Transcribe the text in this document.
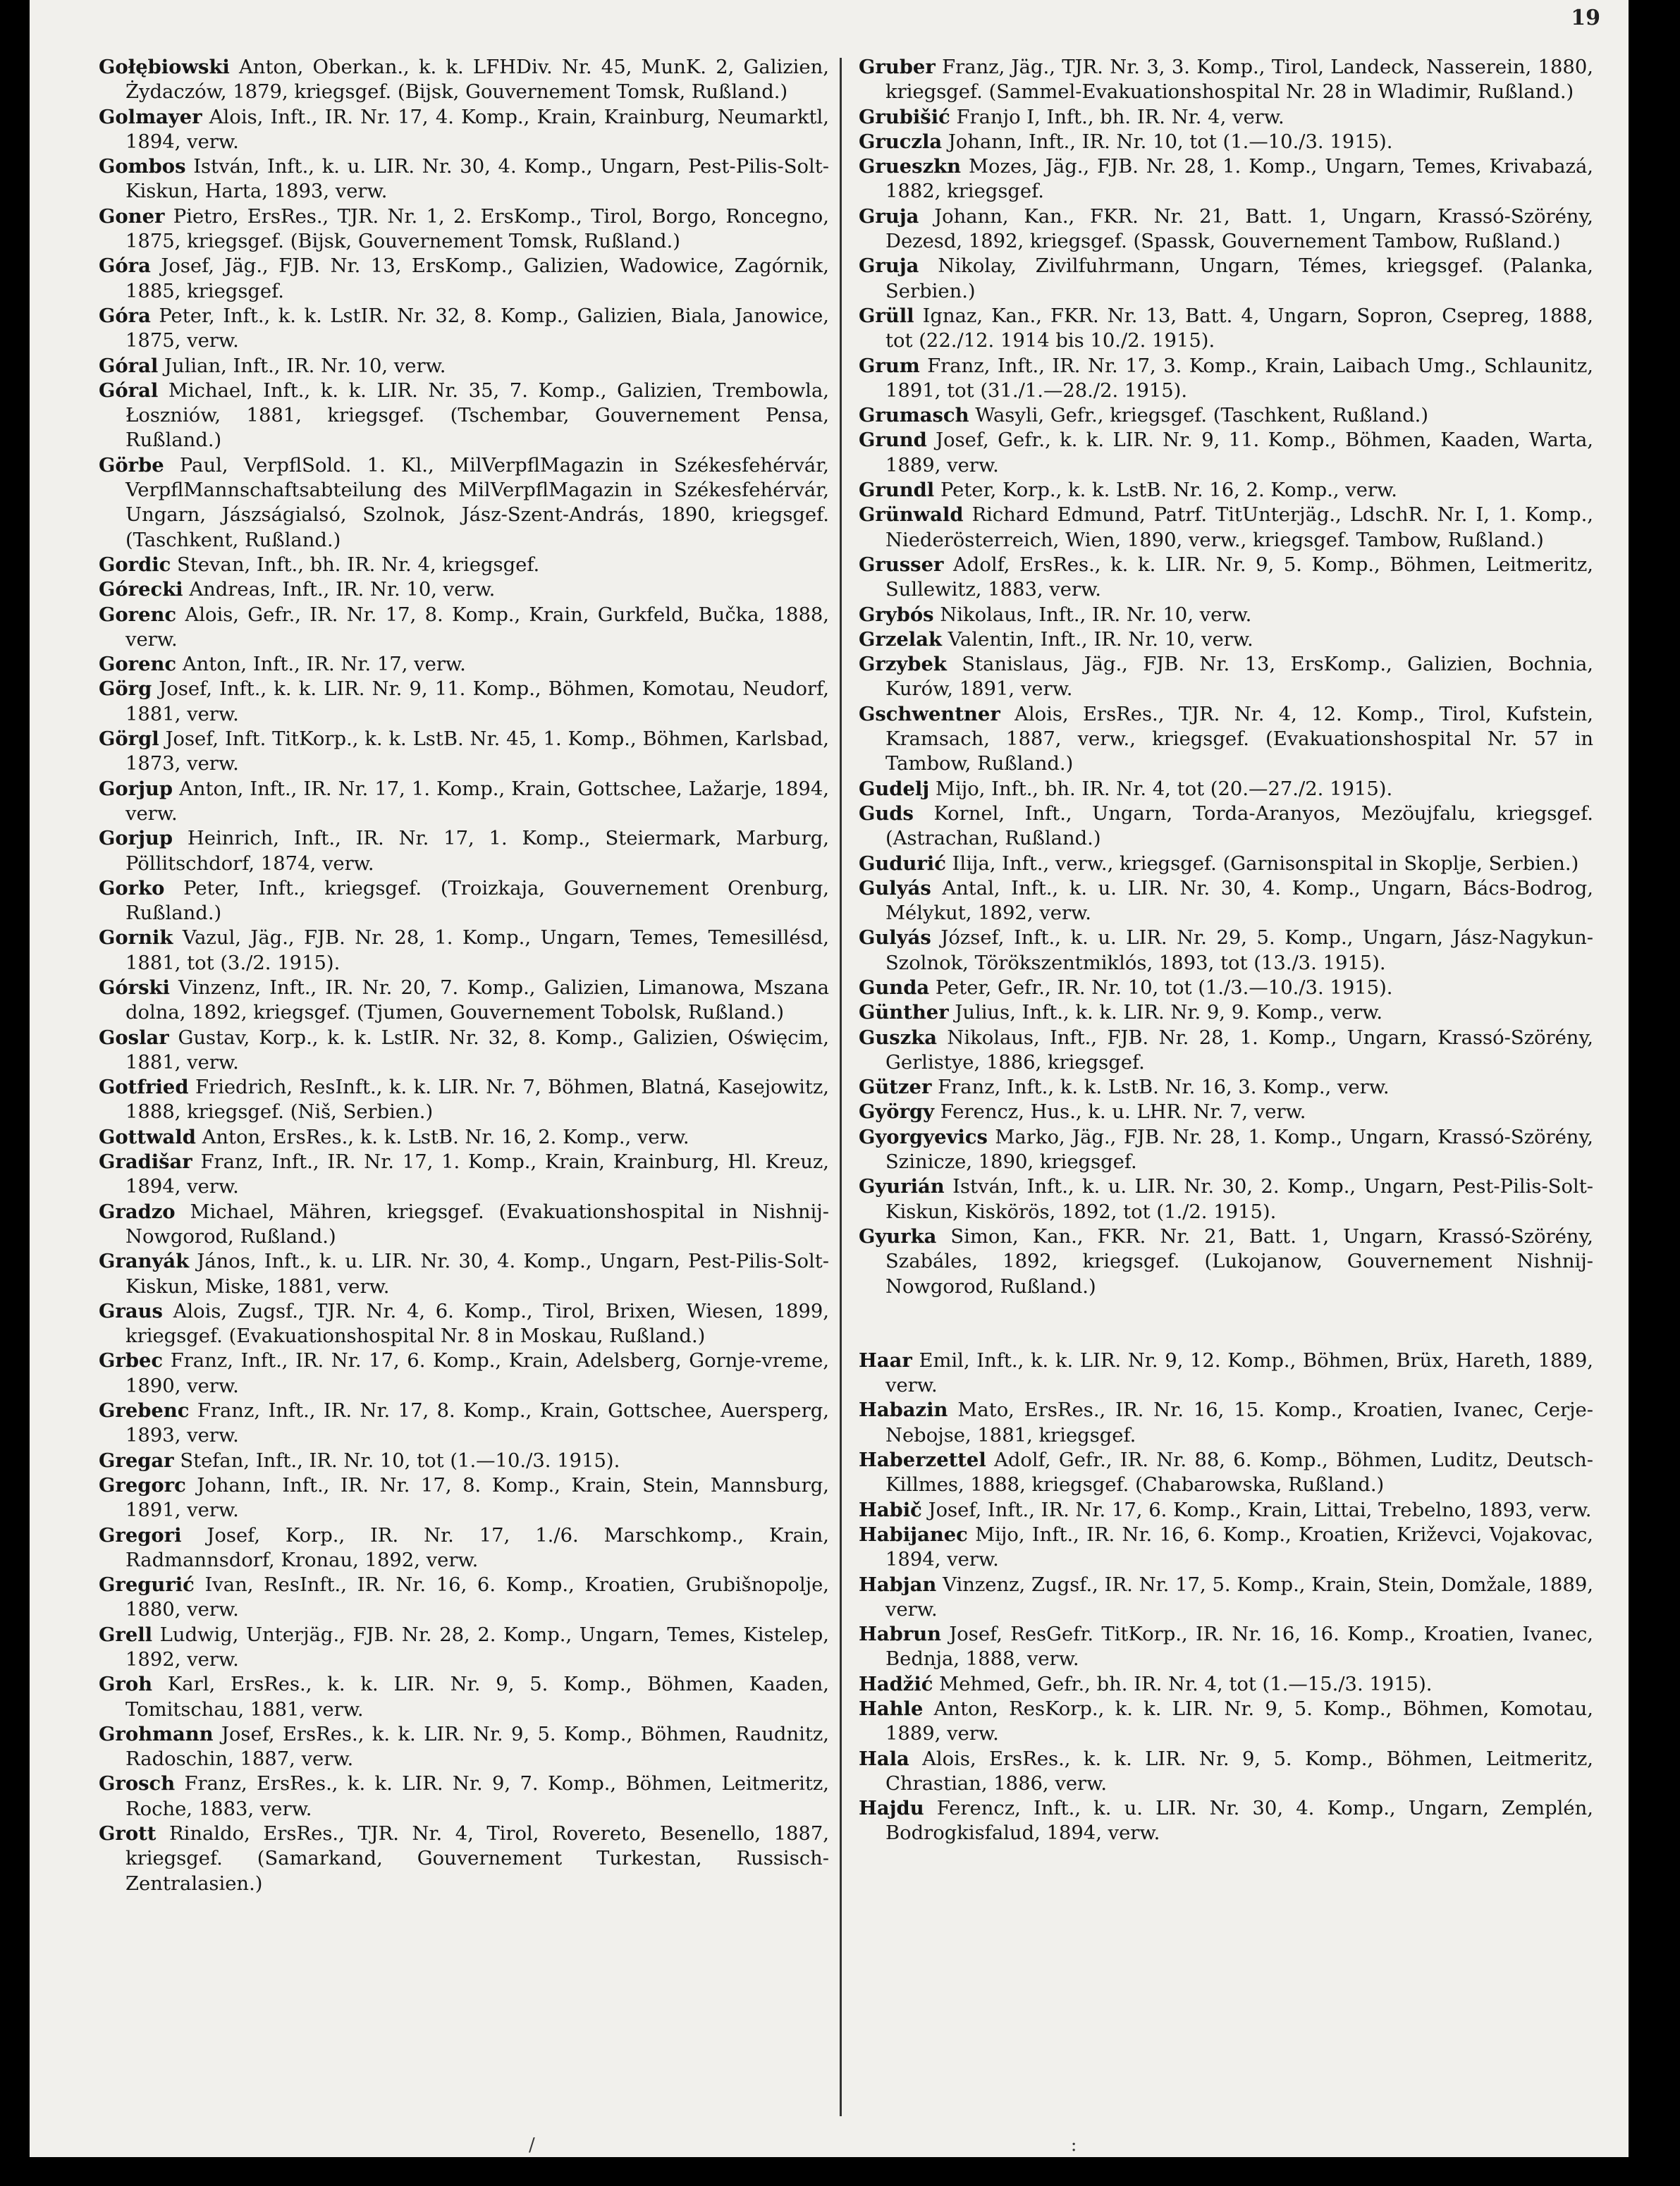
19

Gołębiowski Anton, Oberkan., k. k. LFHDiv. Nr. 45, MunK. 2, Galizien, Żydaczów, 1879, kriegsgef. (Bijsk, Gouvernement Tomsk, Rußland.)

Golmayer Alois, Inft., IR. Nr. 17, 4. Komp., Krain, Krainburg, Neumarktl, 1894, verw.

Gombos István, Inft., k. u. LIR. Nr. 30, 4. Komp., Ungarn, Pest-Pilis-Solt-Kiskun, Harta, 1893, verw.

Goner Pietro, ErsRes., TJR. Nr. 1, 2. ErsKomp., Tirol, Borgo, Roncegno, 1875, kriegsgef. (Bijsk, Gouvernement Tomsk, Rußland.)

Góra Josef, Jäg., FJB. Nr. 13, ErsKomp., Galizien, Wadowice, Zagórnik, 1885, kriegsgef.

Góra Peter, Inft., k. k. LstIR. Nr. 32, 8. Komp., Galizien, Biala, Janowice, 1875, verw.

Góral Julian, Inft., IR. Nr. 10, verw.

Góral Michael, Inft., k. k. LIR. Nr. 35, 7. Komp., Galizien, Trembowla, Łoszniów, 1881, kriegsgef. (Tschembar, Gouvernement Pensa, Rußland.)

Görbe Paul, VerpflSold. 1. Kl., MilVerpflMagazin in Székesfehérvár, VerpflMannschaftsabteilung des MilVerpflMagazin in Székesfehérvár, Ungarn, Jászságialsó, Szolnok, Jász-Szent-András, 1890, kriegsgef. (Taschkent, Rußland.)

Gordic Stevan, Inft., bh. IR. Nr. 4, kriegsgef.

Górecki Andreas, Inft., IR. Nr. 10, verw.

Gorenc Alois, Gefr., IR. Nr. 17, 8. Komp., Krain, Gurkfeld, Bučka, 1888, verw.

Gorenc Anton, Inft., IR. Nr. 17, verw.

Görg Josef, Inft., k. k. LIR. Nr. 9, 11. Komp., Böhmen, Komotau, Neudorf, 1881, verw.

Görgl Josef, Inft. TitKorp., k. k. LstB. Nr. 45, 1. Komp., Böhmen, Karlsbad, 1873, verw.

Gorjup Anton, Inft., IR. Nr. 17, 1. Komp., Krain, Gottschee, Lažarje, 1894, verw.

Gorjup Heinrich, Inft., IR. Nr. 17, 1. Komp., Steiermark, Marburg, Pöllitschdorf, 1874, verw.

Gorko Peter, Inft., kriegsgef. (Troizkaja, Gouvernement Orenburg, Rußland.)

Gornik Vazul, Jäg., FJB. Nr. 28, 1. Komp., Ungarn, Temes, Temesillésd, 1881, tot (3./2. 1915).

Górski Vinzenz, Inft., IR. Nr. 20, 7. Komp., Galizien, Limanowa, Mszana dolna, 1892, kriegsgef. (Tjumen, Gouvernement Tobolsk, Rußland.)

Goslar Gustav, Korp., k. k. LstIR. Nr. 32, 8. Komp., Galizien, Oświęcim, 1881, verw.

Gotfried Friedrich, ResInft., k. k. LIR. Nr. 7, Böhmen, Blatná, Kasejowitz, 1888, kriegsgef. (Niš, Serbien.)

Gottwald Anton, ErsRes., k. k. LstB. Nr. 16, 2. Komp., verw.

Gradišar Franz, Inft., IR. Nr. 17, 1. Komp., Krain, Krainburg, Hl. Kreuz, 1894, verw.

Gradzo Michael, Mähren, kriegsgef. (Evakuationshospital in Nishnij-Nowgorod, Rußland.)

Granyák János, Inft., k. u. LIR. Nr. 30, 4. Komp., Ungarn, Pest-Pilis-Solt-Kiskun, Miske, 1881, verw.

Graus Alois, Zugsf., TJR. Nr. 4, 6. Komp., Tirol, Brixen, Wiesen, 1899, kriegsgef. (Evakuationshospital Nr. 8 in Moskau, Rußland.)

Grbec Franz, Inft., IR. Nr. 17, 6. Komp., Krain, Adelsberg, Gornje-vreme, 1890, verw.

Grebenc Franz, Inft., IR. Nr. 17, 8. Komp., Krain, Gottschee, Auersperg, 1893, verw.

Gregar Stefan, Inft., IR. Nr. 10, tot (1.—10./3. 1915).

Gregorc Johann, Inft., IR. Nr. 17, 8. Komp., Krain, Stein, Mannsburg, 1891, verw.

Gregori Josef, Korp., IR. Nr. 17, 1./6. Marschkomp., Krain, Radmannsdorf, Kronau, 1892, verw.

Gregurić Ivan, ResInft., IR. Nr. 16, 6. Komp., Kroatien, Grubišnopolje, 1880, verw.

Grell Ludwig, Unterjäg., FJB. Nr. 28, 2. Komp., Ungarn, Temes, Kistelep, 1892, verw.

Groh Karl, ErsRes., k. k. LIR. Nr. 9, 5. Komp., Böhmen, Kaaden, Tomitschau, 1881, verw.

Grohmann Josef, ErsRes., k. k. LIR. Nr. 9, 5. Komp., Böhmen, Raudnitz, Radoschin, 1887, verw.

Grosch Franz, ErsRes., k. k. LIR. Nr. 9, 7. Komp., Böhmen, Leitmeritz, Roche, 1883, verw.

Grott Rinaldo, ErsRes., TJR. Nr. 4, Tirol, Rovereto, Besenello, 1887, kriegsgef. (Samarkand, Gouvernement Turkestan, Russisch-Zentralasien.)

Gruber Franz, Jäg., TJR. Nr. 3, 3. Komp., Tirol, Landeck, Nasserein, 1880, kriegsgef. (Sammel-Evakuationshospital Nr. 28 in Wladimir, Rußland.)

Grubišić Franjo I, Inft., bh. IR. Nr. 4, verw.

Gruczla Johann, Inft., IR. Nr. 10, tot (1.—10./3. 1915).

Grueszkn Mozes, Jäg., FJB. Nr. 28, 1. Komp., Ungarn, Temes, Krivabazá, 1882, kriegsgef.

Gruja Johann, Kan., FKR. Nr. 21, Batt. 1, Ungarn, Krassó-Szörény, Dezesd, 1892, kriegsgef. (Spassk, Gouvernement Tambow, Rußland.)

Gruja Nikolay, Zivilfuhrmann, Ungarn, Témes, kriegsgef. (Palanka, Serbien.)

Grüll Ignaz, Kan., FKR. Nr. 13, Batt. 4, Ungarn, Sopron, Csepreg, 1888, tot (22./12. 1914 bis 10./2. 1915).

Grum Franz, Inft., IR. Nr. 17, 3. Komp., Krain, Laibach Umg., Schlaunitz, 1891, tot (31./1.—28./2. 1915).

Grumasch Wasyli, Gefr., kriegsgef. (Taschkent, Rußland.)

Grund Josef, Gefr., k. k. LIR. Nr. 9, 11. Komp., Böhmen, Kaaden, Warta, 1889, verw.

Grundl Peter, Korp., k. k. LstB. Nr. 16, 2. Komp., verw.

Grünwald Richard Edmund, Patrf. TitUnterjäg., LdschR. Nr. I, 1. Komp., Niederösterreich, Wien, 1890, verw., kriegsgef. Tambow, Rußland.)

Grusser Adolf, ErsRes., k. k. LIR. Nr. 9, 5. Komp., Böhmen, Leitmeritz, Sullewitz, 1883, verw.

Grybós Nikolaus, Inft., IR. Nr. 10, verw.

Grzelak Valentin, Inft., IR. Nr. 10, verw.

Grzybek Stanislaus, Jäg., FJB. Nr. 13, ErsKomp., Galizien, Bochnia, Kurów, 1891, verw.

Gschwentner Alois, ErsRes., TJR. Nr. 4, 12. Komp., Tirol, Kufstein, Kramsach, 1887, verw., kriegsgef. (Evakuationshospital Nr. 57 in Tambow, Rußland.)

Gudelj Mijo, Inft., bh. IR. Nr. 4, tot (20.—27./2. 1915).

Guds Kornel, Inft., Ungarn, Torda-Aranyos, Mezöujfalu, kriegsgef. (Astrachan, Rußland.)

Gudurić Ilija, Inft., verw., kriegsgef. (Garnisonspital in Skoplje, Serbien.)

Gulyás Antal, Inft., k. u. LIR. Nr. 30, 4. Komp., Ungarn, Bács-Bodrog, Mélykut, 1892, verw.

Gulyás József, Inft., k. u. LIR. Nr. 29, 5. Komp., Ungarn, Jász-Nagykun-Szolnok, Törökszentmiklós, 1893, tot (13./3. 1915).

Gunda Peter, Gefr., IR. Nr. 10, tot (1./3.—10./3. 1915).

Günther Julius, Inft., k. k. LIR. Nr. 9, 9. Komp., verw.

Guszka Nikolaus, Inft., FJB. Nr. 28, 1. Komp., Ungarn, Krassó-Szörény, Gerlistye, 1886, kriegsgef.

Gützer Franz, Inft., k. k. LstB. Nr. 16, 3. Komp., verw.

György Ferencz, Hus., k. u. LHR. Nr. 7, verw.

Gyorgyevics Marko, Jäg., FJB. Nr. 28, 1. Komp., Ungarn, Krassó-Szörény, Szinicze, 1890, kriegsgef.

Gyurián István, Inft., k. u. LIR. Nr. 30, 2. Komp., Ungarn, Pest-Pilis-Solt-Kiskun, Kiskörös, 1892, tot (1./2. 1915).

Gyurka Simon, Kan., FKR. Nr. 21, Batt. 1, Ungarn, Krassó-Szörény, Szabáles, 1892, kriegsgef. (Lukojanow, Gouvernement Nishnij-Nowgorod, Rußland.)

Haar Emil, Inft., k. k. LIR. Nr. 9, 12. Komp., Böhmen, Brüx, Hareth, 1889, verw.

Habazin Mato, ErsRes., IR. Nr. 16, 15. Komp., Kroatien, Ivanec, Cerje-Nebojse, 1881, kriegsgef.

Haberzettel Adolf, Gefr., IR. Nr. 88, 6. Komp., Böhmen, Luditz, Deutsch-Killmes, 1888, kriegsgef. (Chabarowska, Rußland.)

Habič Josef, Inft., IR. Nr. 17, 6. Komp., Krain, Littai, Trebelno, 1893, verw.

Habijanec Mijo, Inft., IR. Nr. 16, 6. Komp., Kroatien, Križevci, Vojakovac, 1894, verw.

Habjan Vinzenz, Zugsf., IR. Nr. 17, 5. Komp., Krain, Stein, Domžale, 1889, verw.

Habrun Josef, ResGefr. TitKorp., IR. Nr. 16, 16. Komp., Kroatien, Ivanec, Bednja, 1888, verw.

Hadžić Mehmed, Gefr., bh. IR. Nr. 4, tot (1.—15./3. 1915).

Hahle Anton, ResKorp., k. k. LIR. Nr. 9, 5. Komp., Böhmen, Komotau, 1889, verw.

Hala Alois, ErsRes., k. k. LIR. Nr. 9, 5. Komp., Böhmen, Leitmeritz, Chrastian, 1886, verw.

Hajdu Ferencz, Inft., k. u. LIR. Nr. 30, 4. Komp., Ungarn, Zemplén, Bodrogkisfalud, 1894, verw.

/	:
